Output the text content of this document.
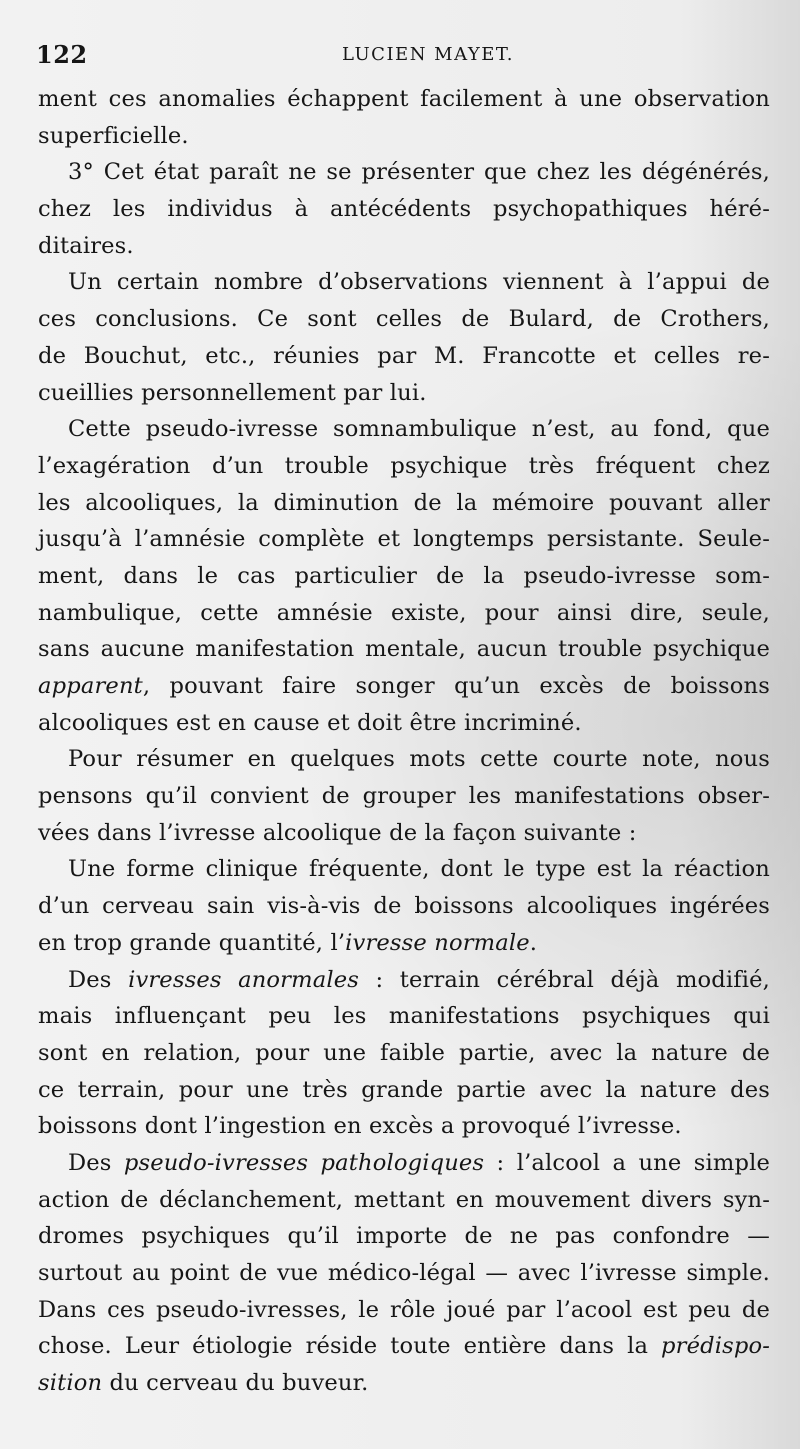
122	LUCIEN MAYET.
ment ces anomalies échappent facilement à une observation
superficielle.
3° Cet état paraît ne se présenter que chez les dégénérés,
chez les individus à antécédents psychopathiques héré-
ditaires.
Un certain nombre d’observations viennent à l’appui de
ces conclusions. Ce sont celles de Bulard, de Crothers,
de Bouchut, etc., réunies par M. Francotte et celles re-
cueillies personnellement par lui.
Cette pseudo-ivresse somnambulique n’est, au fond, que
l’exagération d’un trouble psychique très fréquent chez
les alcooliques, la diminution de la mémoire pouvant aller
jusqu’à l’amnésie complète et longtemps persistante. Seule-
ment, dans le cas particulier de la pseudo-ivresse som-
nambulique, cette amnésie existe, pour ainsi dire, seule,
sans aucune manifestation mentale, aucun trouble psychique
apparent, pouvant faire songer qu’un excès de boissons
alcooliques est en cause et doit être incriminé.
Pour résumer en quelques mots cette courte note, nous
pensons qu’il convient de grouper les manifestations obser-
vées dans l’ivresse alcoolique de la façon suivante :
Une forme clinique fréquente, dont le type est la réaction
d’un cerveau sain vis-à-vis de boissons alcooliques ingérées
en trop grande quantité, l’ivresse normale.
Des ivresses anormales : terrain cérébral déjà modifié,
mais influençant peu les manifestations psychiques qui
sont en relation, pour une faible partie, avec la nature de
ce terrain, pour une très grande partie avec la nature des
boissons dont l’ingestion en excès a provoqué l’ivresse.
Des pseudo-ivresses pathologiques : l’alcool a une simple
action de déclanchement, mettant en mouvement divers syn-
dromes psychiques qu’il importe de ne pas confondre —
surtout au point de vue médico-légal — avec l’ivresse simple.
Dans ces pseudo-ivresses, le rôle joué par l’acool est peu de
chose. Leur étiologie réside toute entière dans la prédispo-
sition du cerveau du buveur.
